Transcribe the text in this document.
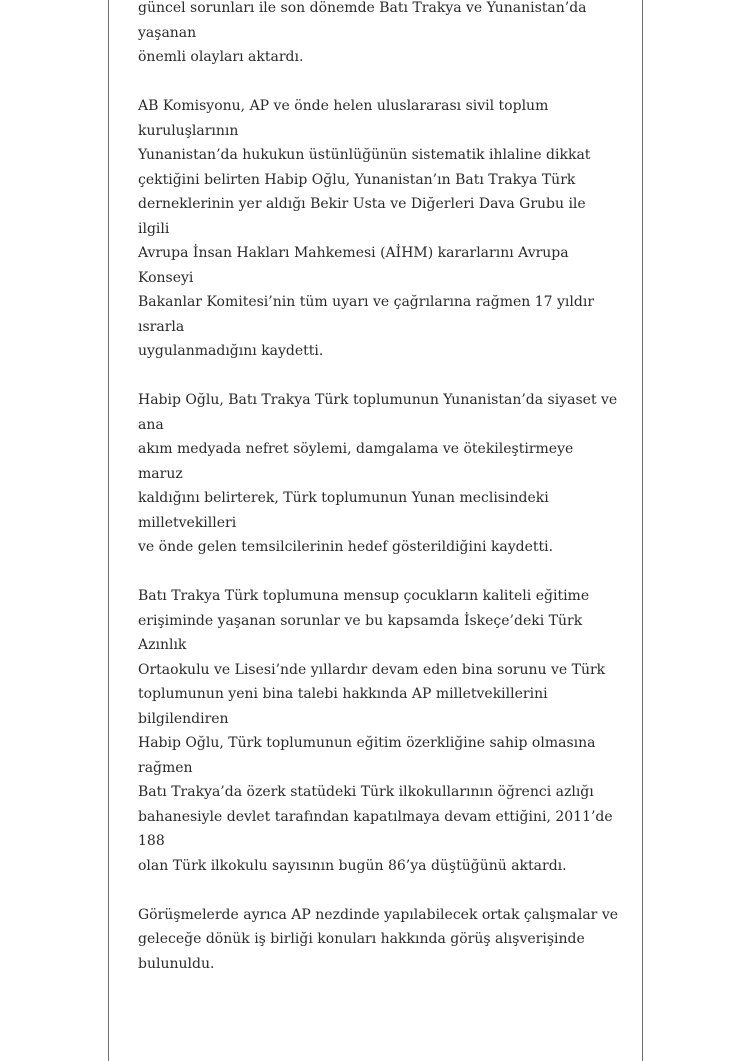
güncel sorunları ile son dönemde Batı Trakya ve Yunanistan’da yaşanan
önemli olayları aktardı.

AB Komisyonu, AP ve önde helen uluslararası sivil toplum kuruluşlarının
Yunanistan’da hukukun üstünlüğünün sistematik ihlaline dikkat
çektiğini belirten Habip Oğlu, Yunanistan’ın Batı Trakya Türk
derneklerinin yer aldığı Bekir Usta ve Diğerleri Dava Grubu ile ilgili
Avrupa İnsan Hakları Mahkemesi (AİHM) kararlarını Avrupa Konseyi
Bakanlar Komitesi’nin tüm uyarı ve çağrılarına rağmen 17 yıldır ısrarla
uygulanmadığını kaydetti.

Habip Oğlu, Batı Trakya Türk toplumunun Yunanistan’da siyaset ve ana
akım medyada nefret söylemi, damgalama ve ötekileştirmeye maruz
kaldığını belirterek, Türk toplumunun Yunan meclisindeki milletvekilleri
ve önde gelen temsilcilerinin hedef gösterildiğini kaydetti.

Batı Trakya Türk toplumuna mensup çocukların kaliteli eğitime
erişiminde yaşanan sorunlar ve bu kapsamda İskeçe’deki Türk Azınlık
Ortaokulu ve Lisesi’nde yıllardır devam eden bina sorunu ve Türk
toplumunun yeni bina talebi hakkında AP milletvekillerini bilgilendiren
Habip Oğlu, Türk toplumunun eğitim özerkliğine sahip olmasına rağmen
Batı Trakya’da özerk statüdeki Türk ilkokullarının öğrenci azlığı
bahanesiyle devlet tarafından kapatılmaya devam ettiğini, 2011’de 188
olan Türk ilkokulu sayısının bugün 86’ya düştüğünü aktardı.

Görüşmelerde ayrıca AP nezdinde yapılabilecek ortak çalışmalar ve
geleceğe dönük iş birliği konuları hakkında görüş alışverişinde
bulunuldu.
